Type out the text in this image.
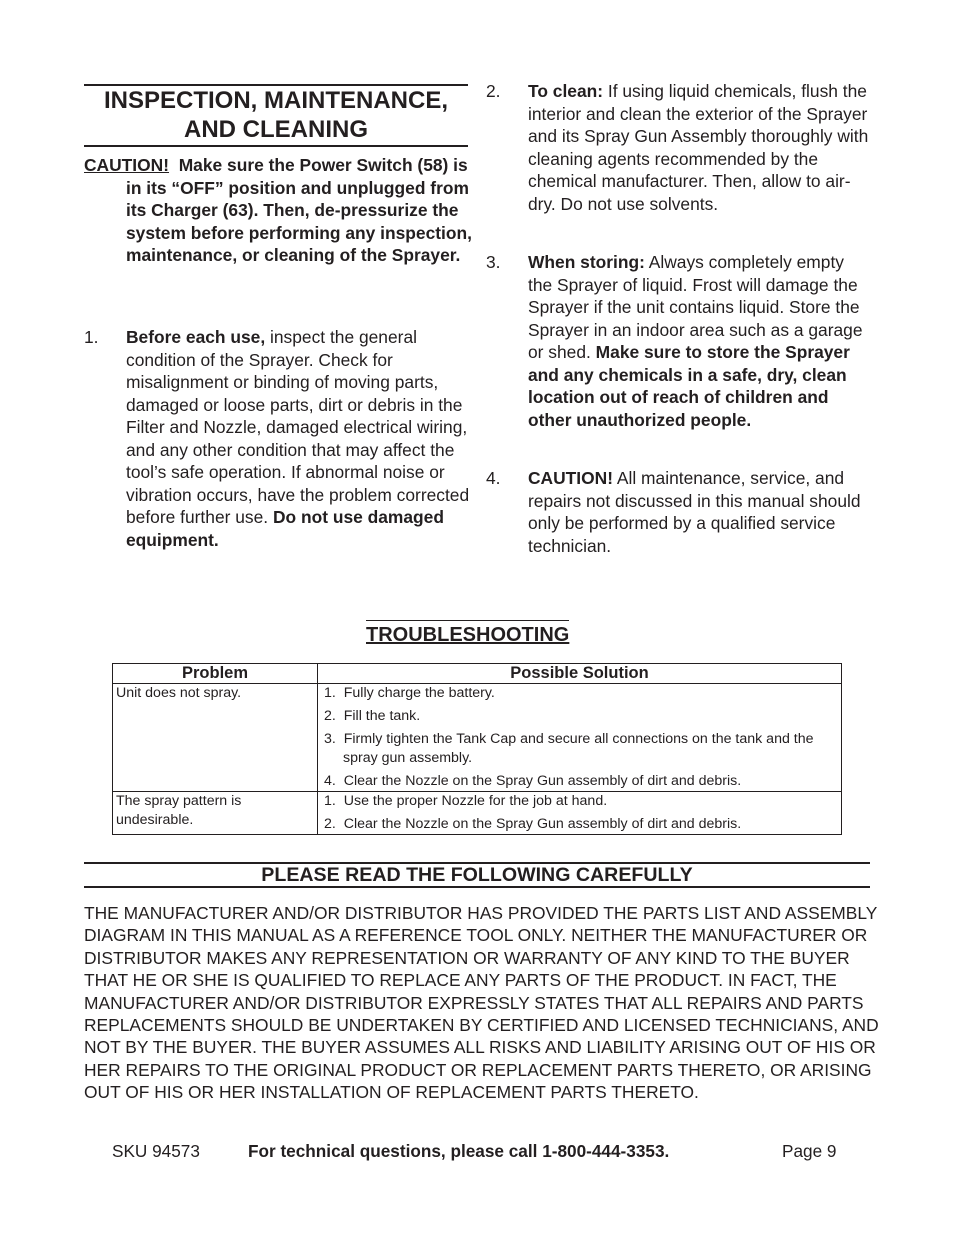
INSPECTION, MAINTENANCE,
AND CLEANING
CAUTION! Make sure the Power Switch (58) is in its “OFF” position and unplugged from its Charger (63). Then, de-pressurize the system before performing any inspection, maintenance, or cleaning of the Sprayer.
1. Before each use, inspect the general condition of the Sprayer. Check for misalignment or binding of moving parts, damaged or loose parts, dirt or debris in the Filter and Nozzle, damaged electrical wiring, and any other condition that may affect the tool’s safe operation. If abnormal noise or vibration occurs, have the problem corrected before further use. Do not use damaged equipment.
2. To clean: If using liquid chemicals, flush the interior and clean the exterior of the Sprayer and its Spray Gun Assembly thoroughly with cleaning agents recommended by the chemical manufacturer. Then, allow to air-dry. Do not use solvents.
3. When storing: Always completely empty the Sprayer of liquid. Frost will damage the Sprayer if the unit contains liquid. Store the Sprayer in an indoor area such as a garage or shed. Make sure to store the Sprayer and any chemicals in a safe, dry, clean location out of reach of children and other unauthorized people.
4. CAUTION! All maintenance, service, and repairs not discussed in this manual should only be performed by a qualified service technician.
TROUBLESHOOTING
Problem	Possible Solution
Unit does not spray.	1. Fully charge the battery.
2. Fill the tank.
3. Firmly tighten the Tank Cap and secure all connections on the tank and the spray gun assembly.
4. Clear the Nozzle on the Spray Gun assembly of dirt and debris.

The spray pattern is undesirable.	1. Use the proper Nozzle for the job at hand.
2. Clear the Nozzle on the Spray Gun assembly of dirt and debris.
PLEASE READ THE FOLLOWING CAREFULLY
THE MANUFACTURER AND/OR DISTRIBUTOR HAS PROVIDED THE PARTS LIST AND ASSEMBLY DIAGRAM IN THIS MANUAL AS A REFERENCE TOOL ONLY. NEITHER THE MANUFACTURER OR DISTRIBUTOR MAKES ANY REPRESENTATION OR WARRANTY OF ANY KIND TO THE BUYER THAT HE OR SHE IS QUALIFIED TO REPLACE ANY PARTS OF THE PRODUCT. IN FACT, THE MANUFACTURER AND/OR DISTRIBUTOR EXPRESSLY STATES THAT ALL REPAIRS AND PARTS REPLACEMENTS SHOULD BE UNDERTAKEN BY CERTIFIED AND LICENSED TECHNICIANS, AND NOT BY THE BUYER. THE BUYER ASSUMES ALL RISKS AND LIABILITY ARISING OUT OF HIS OR HER REPAIRS TO THE ORIGINAL PRODUCT OR REPLACEMENT PARTS THERETO, OR ARISING OUT OF HIS OR HER INSTALLATION OF REPLACEMENT PARTS THERETO.
SKU 94573	For technical questions, please call 1-800-444-3353.	Page 9
